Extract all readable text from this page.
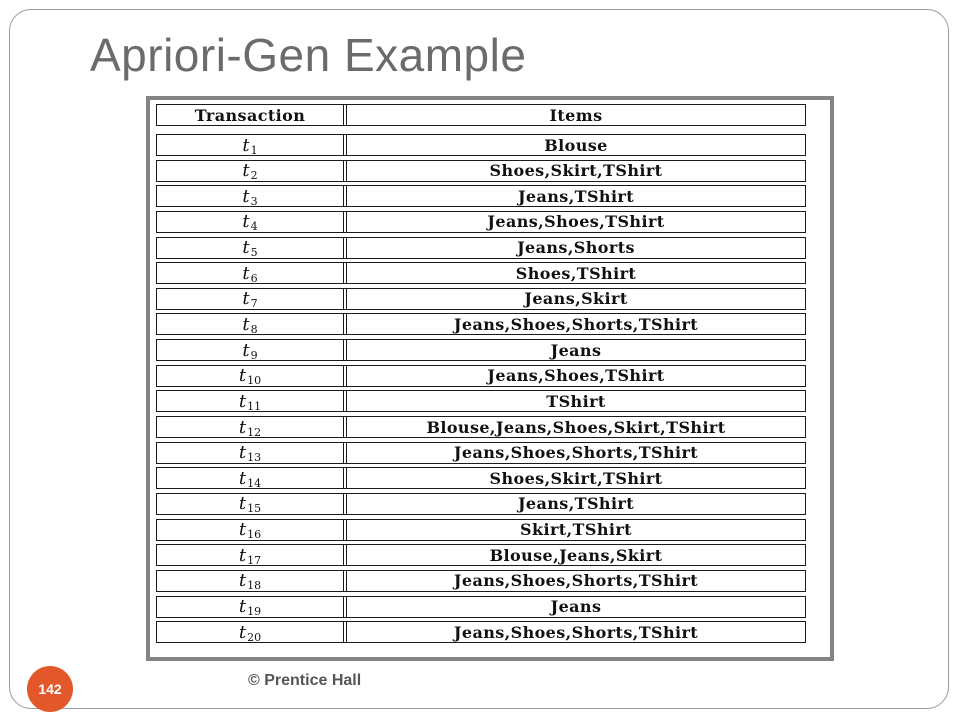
Apriori-Gen Example
Transaction	Items
t 1	Blouse
t 2	Shoes,Skirt,TShirt
t 3	Jeans,TShirt
t 4	Jeans,Shoes,TShirt
t 5	Jeans,Shorts
t 6	Shoes,TShirt
t 7	Jeans,Skirt
t 8	Jeans,Shoes,Shorts,TShirt
t 9	Jeans
t 10	Jeans,Shoes,TShirt
t 11	TShirt
t 12	Blouse,Jeans,Shoes,Skirt,TShirt
t 13	Jeans,Shoes,Shorts,TShirt
t 14	Shoes,Skirt,TShirt
t 15	Jeans,TShirt
t 16	Skirt,TShirt
t 17	Blouse,Jeans,Skirt
t 18	Jeans,Shoes,Shorts,TShirt
t 19	Jeans
t 20	Jeans,Shoes,Shorts,TShirt
142	© Prentice Hall
